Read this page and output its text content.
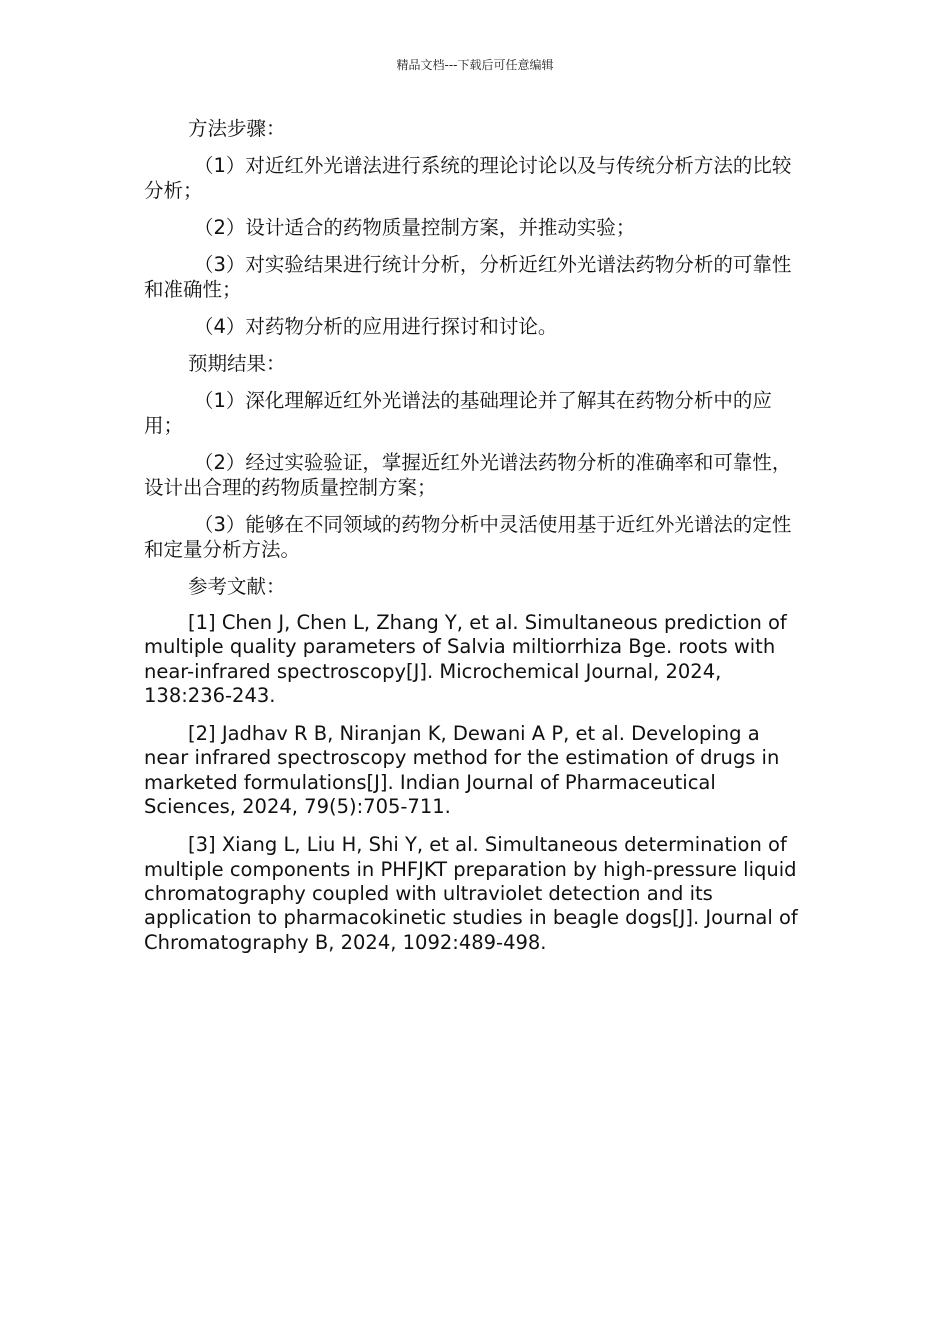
精品文档---下载后可任意编辑

方法步骤：

（1）对近红外光谱法进行系统的理论讨论以及与传统分析方法的比较分析；

（2）设计适合的药物质量控制方案，并推动实验；

（3）对实验结果进行统计分析，分析近红外光谱法药物分析的可靠性和准确性；

（4）对药物分析的应用进行探讨和讨论。

预期结果：

（1）深化理解近红外光谱法的基础理论并了解其在药物分析中的应用；

（2）经过实验验证，掌握近红外光谱法药物分析的准确率和可靠性，设计出合理的药物质量控制方案；

（3）能够在不同领域的药物分析中灵活使用基于近红外光谱法的定性和定量分析方法。

参考文献：

[1] Chen J, Chen L, Zhang Y, et al. Simultaneous prediction of multiple quality parameters of Salvia miltiorrhiza Bge. roots with near-infrared spectroscopy[J]. Microchemical Journal, 2024, 138:236-243.

[2] Jadhav R B, Niranjan K, Dewani A P, et al. Developing a near infrared spectroscopy method for the estimation of drugs in marketed formulations[J]. Indian Journal of Pharmaceutical Sciences, 2024, 79(5):705-711.

[3] Xiang L, Liu H, Shi Y, et al. Simultaneous determination of multiple components in PHFJKT preparation by high-pressure liquid chromatography coupled with ultraviolet detection and its application to pharmacokinetic studies in beagle dogs[J]. Journal of Chromatography B, 2024, 1092:489-498.
